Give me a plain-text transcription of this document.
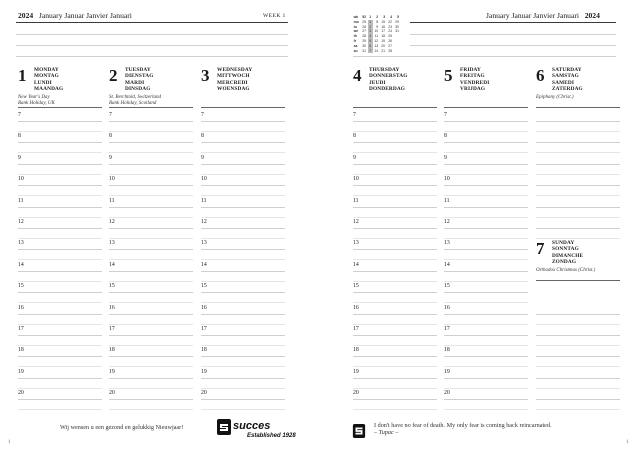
2024 January Januar Janvier Januari	WEEK 1
1 MONDAY
MONTAG
LUNDI
MAANDAG
New Year's Day
Bank Holiday, UK
7
8
9
10
11
12
13
14
15
16
17
18
19
20
2 TUESDAY
DIENSTAG
MARDI
DINSDAG
St. Berchtold, Switzerland
Bank Holiday, Scotland
7
8
9
10
11
12
13
14
15
16
17
18
19
20
3 WEDNESDAY
MITTWOCH
MERCREDI
WOENSDAG
7
8
9
10
11
12
13
14
15
16
17
18
19
20
Wij wensen u een gezond en gelukkig Nieuwjaar!	succes
Established 1928
1
wk	52	1	2	3	4	5
mo	25	1	8	15	22	29
tu	26	2	9	16	23	30
we	27	3	10	17	24	31
th	28	4	11	18	25	
fr	29	5	12	19	26	
sa	30	6	13	20	27	
su	31	7	14	21	28	
January Januar Janvier Januari 2024
4 THURSDAY
DONNERSTAG
JEUDI
DONDERDAG
7
8
9
10
11
12
13
14
15
16
17
18
19
20
5 FRIDAY
FREITAG
VENDREDI
VRIJDAG
7
8
9
10
11
12
13
14
15
16
17
18
19
20
6 SATURDAY
SAMSTAG
SAMEDI
ZATERDAG
Epiphany (Christ.)
7 SUNDAY
SONNTAG
DIMANCHE
ZONDAG
Orthodox Christmas (Christ.)
I don't have no fear of death. My only fear is coming back reincarnated.
– Tupac –
1
